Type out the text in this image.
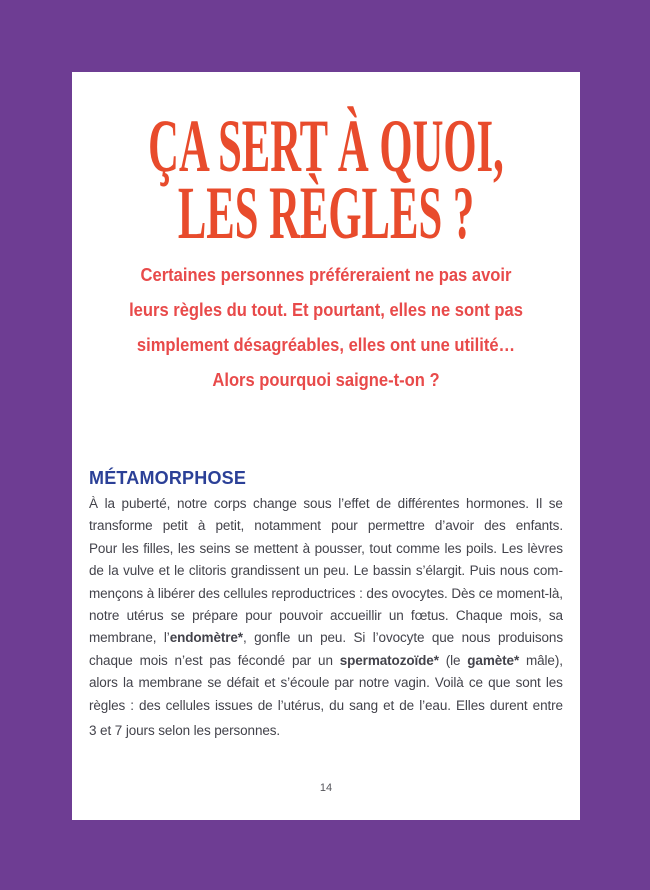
ÇA SERT À QUOI,
LES RÈGLES ?
Certaines personnes préféreraient ne pas avoir
leurs règles du tout. Et pourtant, elles ne sont pas
simplement désagréables, elles ont une utilité…
Alors pourquoi saigne-t-on ?
MÉTAMORPHOSE
À la puberté, notre corps change sous l’effet de différentes hormones. Il se
transforme petit à petit, notamment pour permettre d’avoir des enfants.
Pour les filles, les seins se mettent à pousser, tout comme les poils. Les lèvres
de la vulve et le clitoris grandissent un peu. Le bassin s’élargit. Puis nous com-
mençons à libérer des cellules reproductrices : des ovocytes. Dès ce moment-là,
notre utérus se prépare pour pouvoir accueillir un fœtus. Chaque mois, sa
membrane, l’endomètre*, gonfle un peu. Si l’ovocyte que nous produisons
chaque mois n’est pas fécondé par un spermatozoïde* (le gamète* mâle),
alors la membrane se défait et s’écoule par notre vagin. Voilà ce que sont les
règles : des cellules issues de l’utérus, du sang et de l’eau. Elles durent entre
3 et 7 jours selon les personnes.
14
